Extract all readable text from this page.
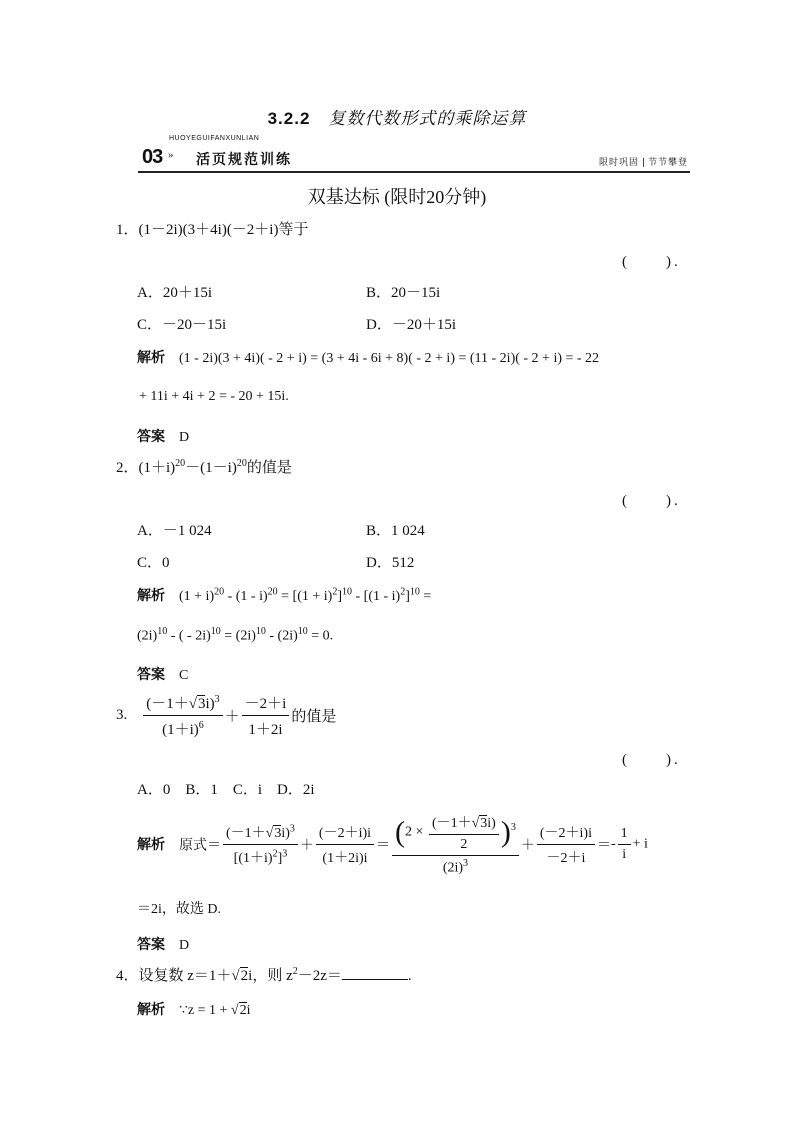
3.2.2 复数代数形式的乘除运算
HUOYEGUIFANXUNLIAN
03 » 活页规范训练	限时巩固 节节攀登
双基达标 (限时20分钟)
1．(1－2i)(3＋4i)(－2＋i)等于
(　　).
A．20＋15i	B．20－15i
C．－20－15i	D．－20＋15i
解析 (1 - 2i)(3 + 4i)( - 2 + i) = (3 + 4i - 6i + 8)( - 2 + i) = (11 - 2i)( - 2 + i) = - 22
+ 11i + 4i + 2 = - 20 + 15i.
答案 D
2．$(1+i)^{20}-(1-i)^{20}$的值是
(　　).
A．－1 024	B．1 024
C．0	D．512
解析 $(1 + i)^{20} - (1 - i)^{20} = [(1 + i)^2]^{10} - [(1 - i)^2]^{10}$ =
$(2i)^{10}$ - ( - $2i)^{10} = (2i)^{10} - (2i)^{10} = 0$.
答案 C
3. $\frac{(-1+√3i)^3}{(1+i)^6} + \frac{-2+i}{1+2i}$ 的值是
(　　).
A．0　B．1　C．i　D．2i
解析 原式＝ $\frac{(-1+√3i)^3}{[(1+i)^2]^3} + \frac{(-2+i)i}{(1+2i)i} = \frac{(2 \times \frac{(-1+√3i)}{2} )^3}{(2i)^3} + \frac{(-2+i)i}{-2+i} =- \frac{1}{i} + i$
＝2i，故选 D.
答案 D
4．设复数 z＝1＋√2i，则 $z^2-2z=$	.
解析 ∵z = 1 + √2i
